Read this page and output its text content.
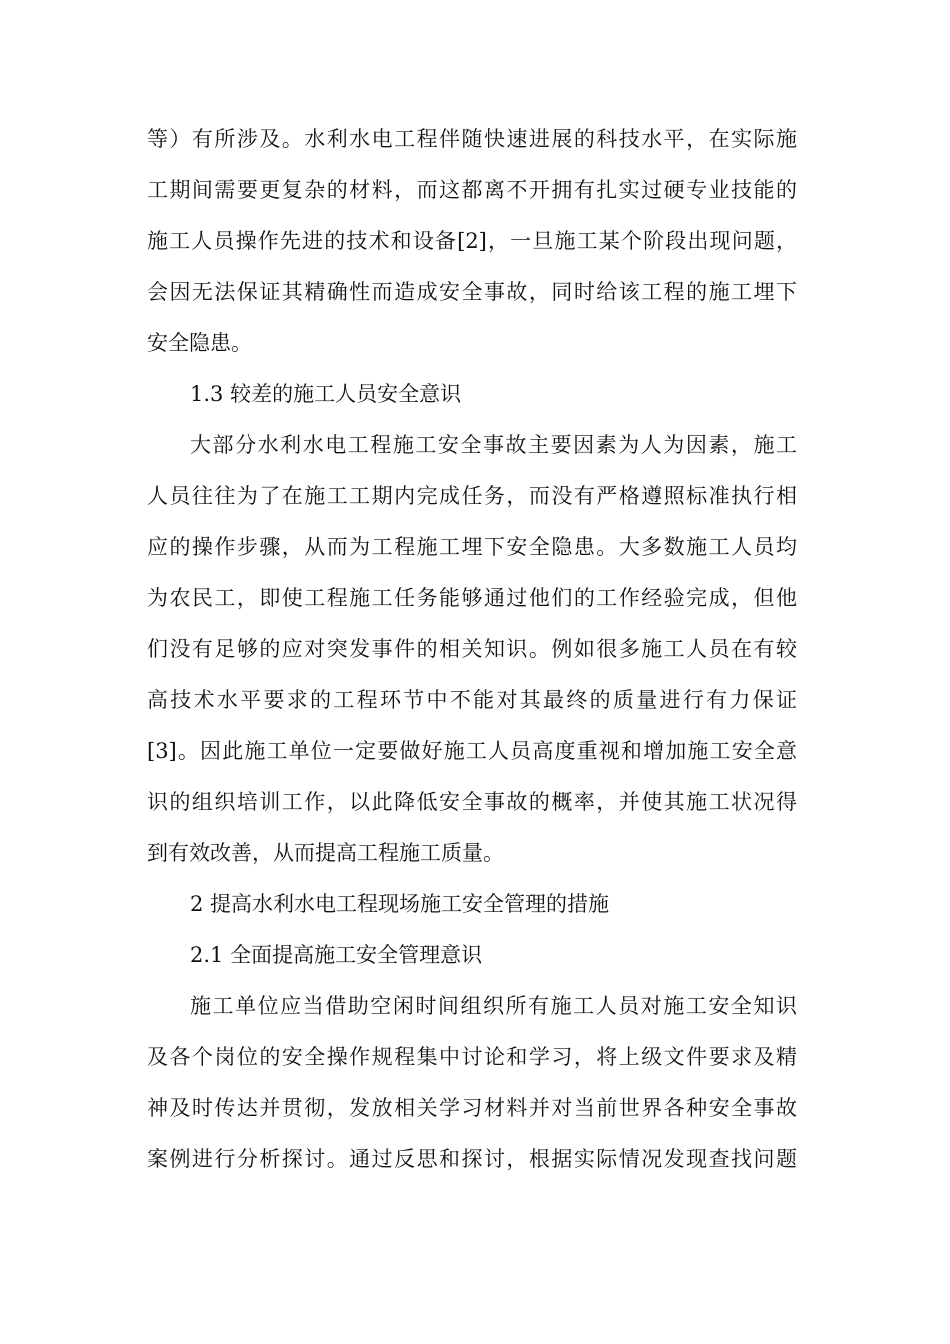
等）有所涉及。水利水电工程伴随快速进展的科技水平，在实际施
工期间需要更复杂的材料，而这都离不开拥有扎实过硬专业技能的
施工人员操作先进的技术和设备[2]，一旦施工某个阶段出现问题，
会因无法保证其精确性而造成安全事故，同时给该工程的施工埋下
安全隐患。
1.3 较差的施工人员安全意识
大部分水利水电工程施工安全事故主要因素为人为因素，施工
人员往往为了在施工工期内完成任务，而没有严格遵照标准执行相
应的操作步骤，从而为工程施工埋下安全隐患。大多数施工人员均
为农民工，即使工程施工任务能够通过他们的工作经验完成，但他
们没有足够的应对突发事件的相关知识。例如很多施工人员在有较
高技术水平要求的工程环节中不能对其最终的质量进行有力保证
[3]。因此施工单位一定要做好施工人员高度重视和增加施工安全意
识的组织培训工作，以此降低安全事故的概率，并使其施工状况得
到有效改善，从而提高工程施工质量。
2 提高水利水电工程现场施工安全管理的措施
2.1 全面提高施工安全管理意识
施工单位应当借助空闲时间组织所有施工人员对施工安全知识
及各个岗位的安全操作规程集中讨论和学习，将上级文件要求及精
神及时传达并贯彻，发放相关学习材料并对当前世界各种安全事故
案例进行分析探讨。通过反思和探讨，根据实际情况发现查找问题
